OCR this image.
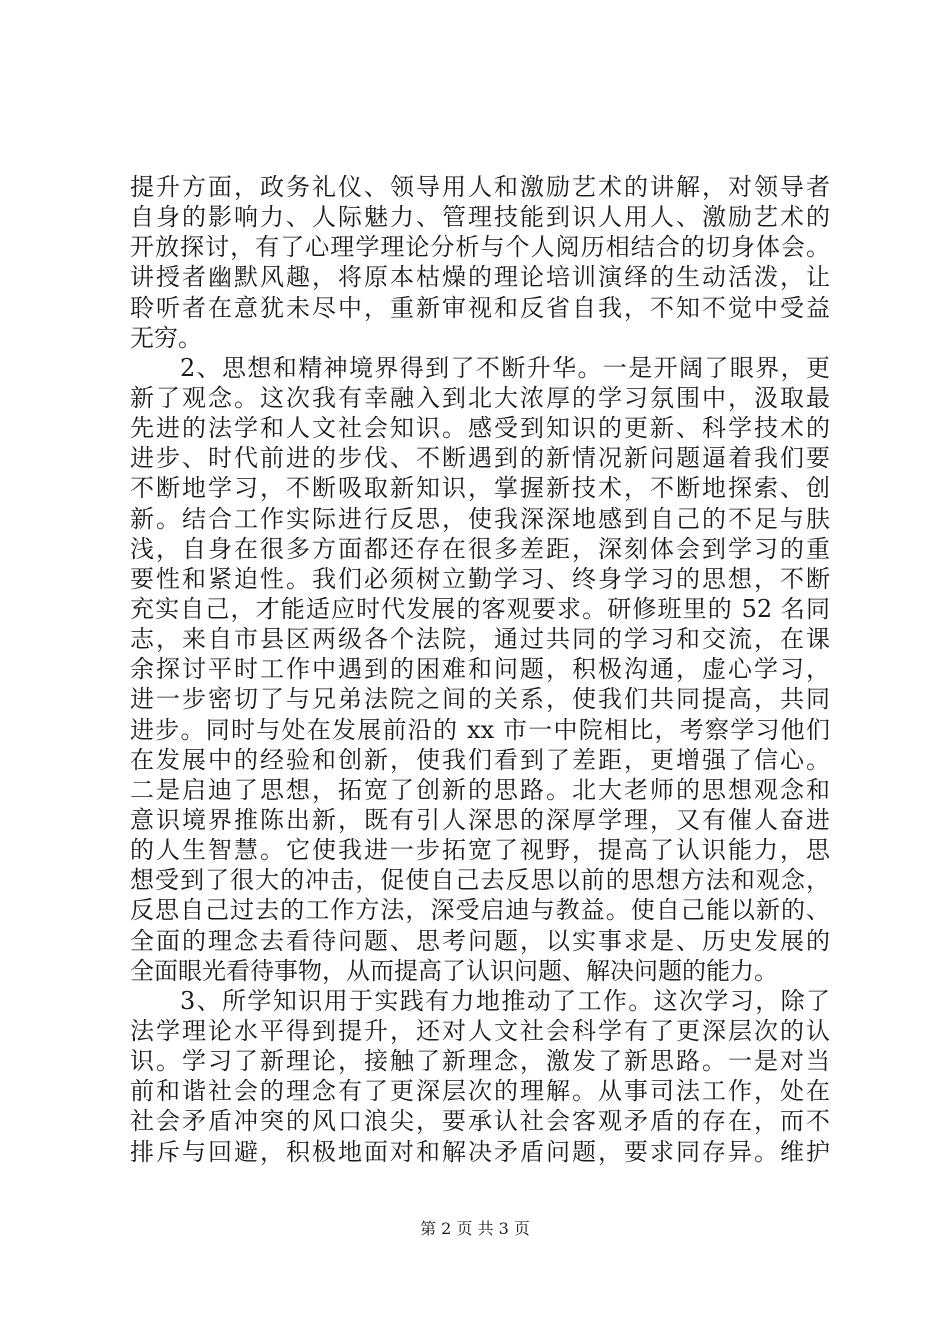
提升方面，政务礼仪、领导用人和激励艺术的讲解，对领导者
自身的影响力、人际魅力、管理技能到识人用人、激励艺术的
开放探讨，有了心理学理论分析与个人阅历相结合的切身体会。
讲授者幽默风趣，将原本枯燥的理论培训演绎的生动活泼，让
聆听者在意犹未尽中，重新审视和反省自我，不知不觉中受益
无穷。
2、思想和精神境界得到了不断升华。一是开阔了眼界，更
新了观念。这次我有幸融入到北大浓厚的学习氛围中，汲取最
先进的法学和人文社会知识。感受到知识的更新、科学技术的
进步、时代前进的步伐、不断遇到的新情况新问题逼着我们要
不断地学习，不断吸取新知识，掌握新技术，不断地探索、创
新。结合工作实际进行反思，使我深深地感到自己的不足与肤
浅，自身在很多方面都还存在很多差距，深刻体会到学习的重
要性和紧迫性。我们必须树立勤学习、终身学习的思想，不断
充实自己，才能适应时代发展的客观要求。研修班里的 52 名同
志，来自市县区两级各个法院，通过共同的学习和交流，在课
余探讨平时工作中遇到的困难和问题，积极沟通，虚心学习，
进一步密切了与兄弟法院之间的关系，使我们共同提高，共同
进步。同时与处在发展前沿的 xx 市一中院相比，考察学习他们
在发展中的经验和创新，使我们看到了差距，更增强了信心。
二是启迪了思想，拓宽了创新的思路。北大老师的思想观念和
意识境界推陈出新，既有引人深思的深厚学理，又有催人奋进
的人生智慧。它使我进一步拓宽了视野，提高了认识能力，思
想受到了很大的冲击，促使自己去反思以前的思想方法和观念，
反思自己过去的工作方法，深受启迪与教益。使自己能以新的、
全面的理念去看待问题、思考问题，以实事求是、历史发展的
全面眼光看待事物，从而提高了认识问题、解决问题的能力。
3、所学知识用于实践有力地推动了工作。这次学习，除了
法学理论水平得到提升，还对人文社会科学有了更深层次的认
识。学习了新理论，接触了新理念，激发了新思路。一是对当
前和谐社会的理念有了更深层次的理解。从事司法工作，处在
社会矛盾冲突的风口浪尖，要承认社会客观矛盾的存在，而不
排斥与回避，积极地面对和解决矛盾问题，要求同存异。维护
第 2 页 共 3 页
